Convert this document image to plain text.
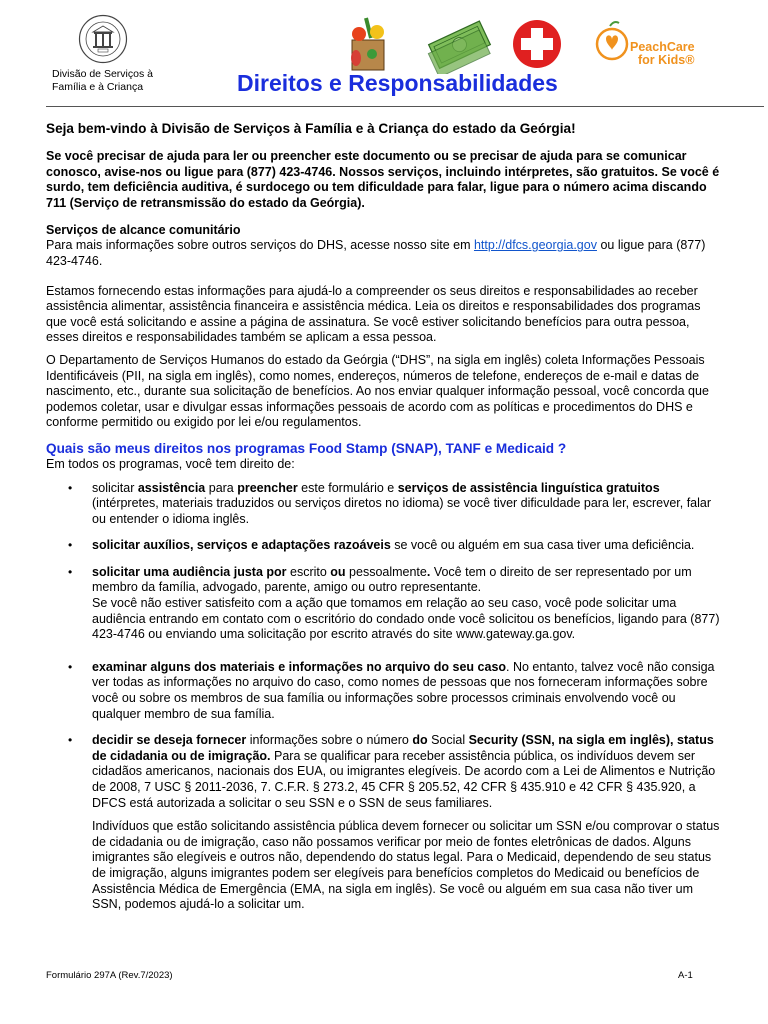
Divisão de Serviços à
Família e à Criança
PeachCare
for Kids®
Direitos e Responsabilidades

Seja bem-vindo à Divisão de Serviços à Família e à Criança do estado da Geórgia!

Se você precisar de ajuda para ler ou preencher este documento ou se precisar de ajuda para se comunicar conosco, avise-nos ou ligue para (877) 423-4746. Nossos serviços, incluindo intérpretes, são gratuitos. Se você é surdo, tem deficiência auditiva, é surdocego ou tem dificuldade para falar, ligue para o número acima discando 711 (Serviço de retransmissão do estado da Geórgia).

Serviços de alcance comunitário

Para mais informações sobre outros serviços do DHS, acesse nosso site em http://dfcs.georgia.gov ou ligue para (877) 423-4746.

Estamos fornecendo estas informações para ajudá-lo a compreender os seus direitos e responsabilidades ao receber assistência alimentar, assistência financeira e assistência médica. Leia os direitos e responsabilidades dos programas que você está solicitando e assine a página de assinatura. Se você estiver solicitando benefícios para outra pessoa, esses direitos e responsabilidades também se aplicam a essa pessoa.

O Departamento de Serviços Humanos do estado da Geórgia (“DHS”, na sigla em inglês) coleta Informações Pessoais Identificáveis (PII, na sigla em inglês), como nomes, endereços, números de telefone, endereços de e-mail e datas de nascimento, etc., durante sua solicitação de benefícios. Ao nos enviar qualquer informação pessoal, você concorda que podemos coletar, usar e divulgar essas informações pessoais de acordo com as políticas e procedimentos do DHS e conforme permitido ou exigido por lei e/ou regulamentos.

Quais são meus direitos nos programas Food Stamp (SNAP), TANF e Medicaid ?

Em todos os programas, você tem direito de:

• solicitar assistência para preencher este formulário e serviços de assistência linguística gratuitos (intérpretes, materiais traduzidos ou serviços diretos no idioma) se você tiver dificuldade para ler, escrever, falar ou entender o idioma inglês.
• solicitar auxílios, serviços e adaptações razoáveis se você ou alguém em sua casa tiver uma deficiência.
• solicitar uma audiência justa por escrito ou pessoalmente. Você tem o direito de ser representado por um membro da família, advogado, parente, amigo ou outro representante.
Se você não estiver satisfeito com a ação que tomamos em relação ao seu caso, você pode solicitar uma audiência entrando em contato com o escritório do condado onde você solicitou os benefícios, ligando para (877) 423-4746 ou enviando uma solicitação por escrito através do site www.gateway.ga.gov.
• examinar alguns dos materiais e informações no arquivo do seu caso. No entanto, talvez você não consiga ver todas as informações no arquivo do caso, como nomes de pessoas que nos forneceram informações sobre você ou sobre os membros de sua família ou informações sobre processos criminais envolvendo você ou qualquer membro de sua família.
• decidir se deseja fornecer informações sobre o número do Social Security (SSN, na sigla em inglês), status de cidadania ou de imigração. Para se qualificar para receber assistência pública, os indivíduos devem ser cidadãos americanos, nacionais dos EUA, ou imigrantes elegíveis. De acordo com a Lei de Alimentos e Nutrição de 2008, 7 USC § 2011-2036, 7. C.F.R. § 273.2, 45 CFR § 205.52, 42 CFR § 435.910 e 42 CFR § 435.920, a DFCS está autorizada a solicitar o seu SSN e o SSN de seus familiares.
Indivíduos que estão solicitando assistência pública devem fornecer ou solicitar um SSN e/ou comprovar o status de cidadania ou de imigração, caso não possamos verificar por meio de fontes eletrônicas de dados. Alguns imigrantes são elegíveis e outros não, dependendo do status legal. Para o Medicaid, dependendo de seu status de imigração, alguns imigrantes podem ser elegíveis para benefícios completos do Medicaid ou benefícios de Assistência Médica de Emergência (EMA, na sigla em inglês). Se você ou alguém em sua casa não tiver um SSN, podemos ajudá-lo a solicitar um.
Formulário 297A (Rev.7/2023)	A-1
